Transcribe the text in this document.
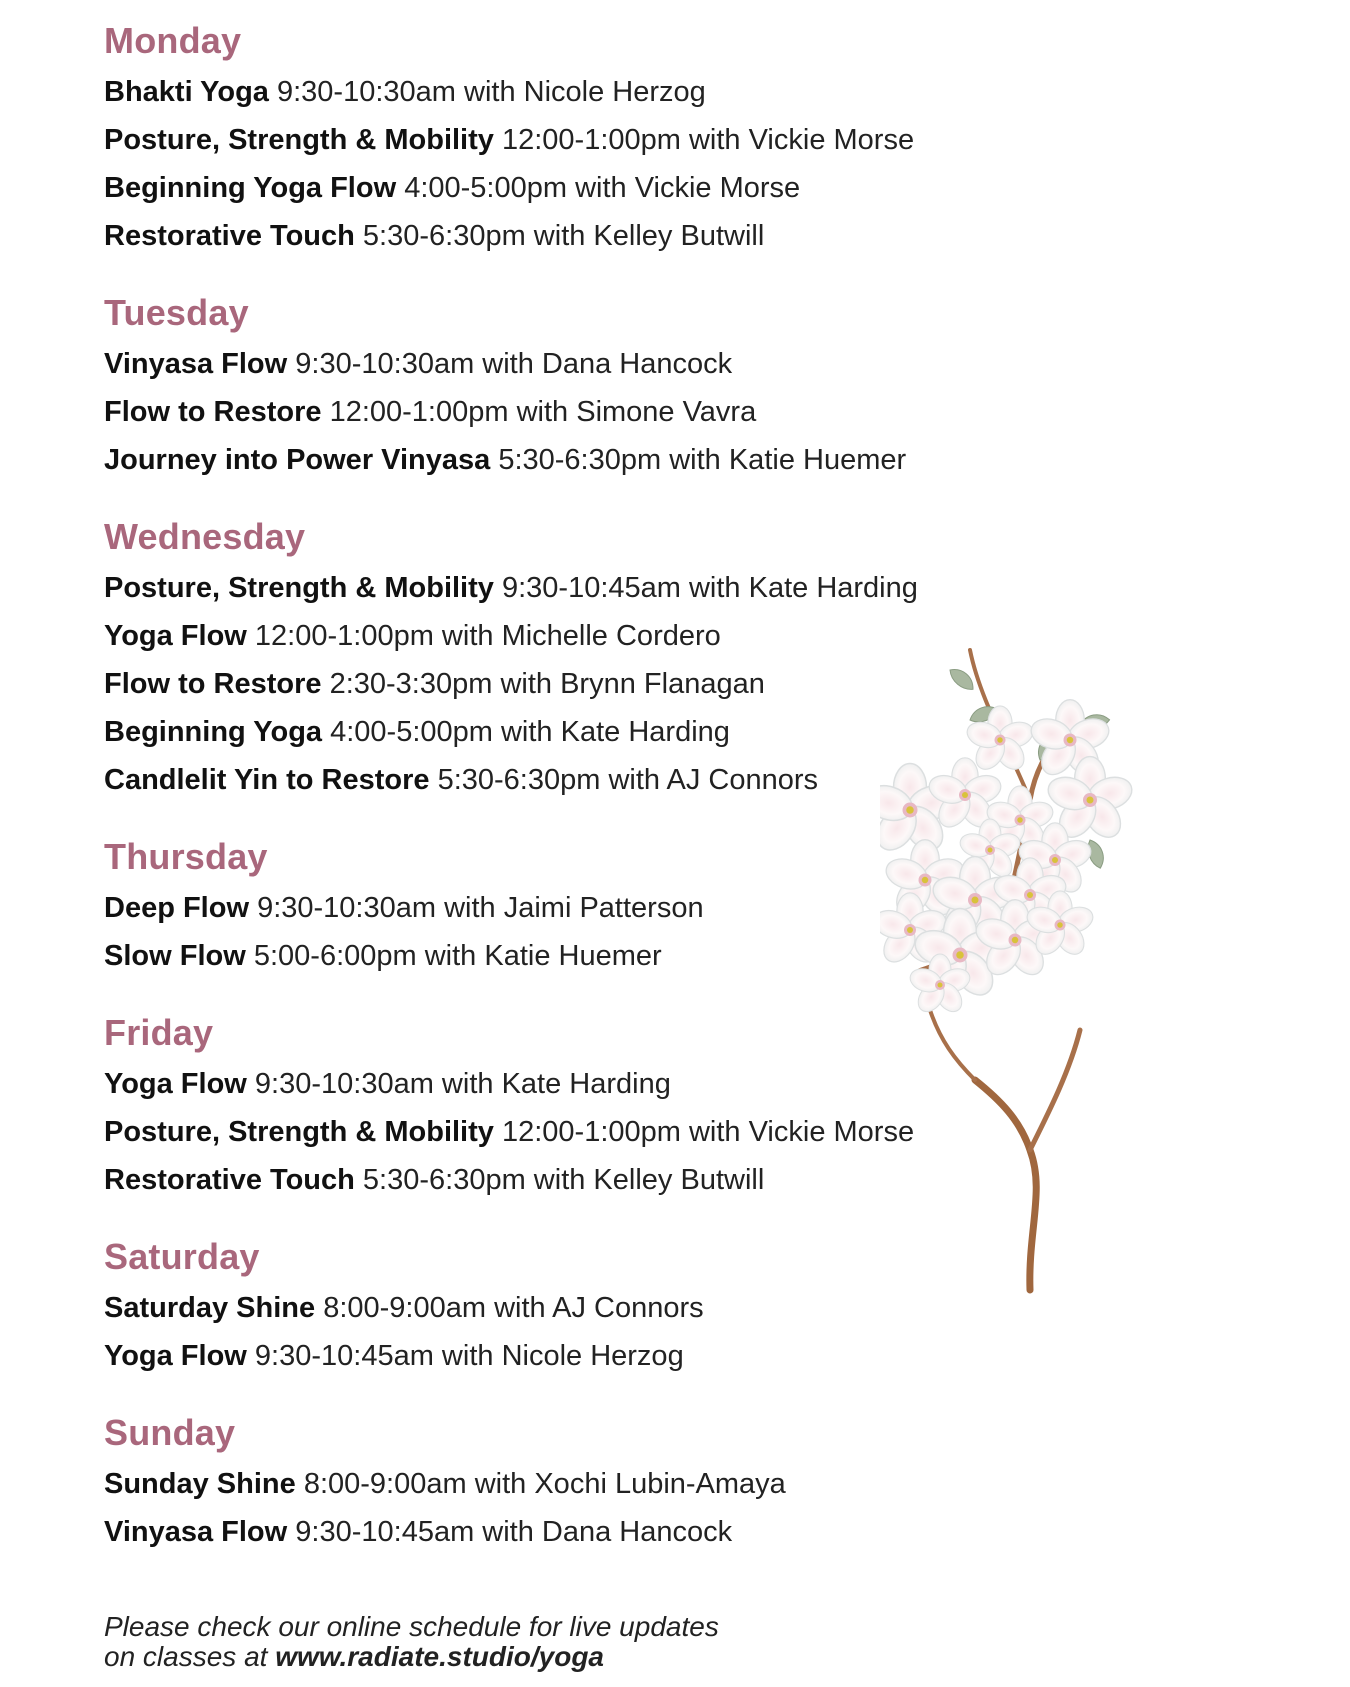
Monday
Bhakti Yoga 9:30-10:30am with Nicole Herzog
Posture, Strength & Mobility 12:00-1:00pm with Vickie Morse
Beginning Yoga Flow 4:00-5:00pm with Vickie Morse
Restorative Touch 5:30-6:30pm with Kelley Butwill
Tuesday
Vinyasa Flow 9:30-10:30am with Dana Hancock
Flow to Restore 12:00-1:00pm with Simone Vavra
Journey into Power Vinyasa 5:30-6:30pm with Katie Huemer
Wednesday
Posture, Strength & Mobility 9:30-10:45am with Kate Harding
Yoga Flow 12:00-1:00pm with Michelle Cordero
Flow to Restore 2:30-3:30pm with Brynn Flanagan
Beginning Yoga 4:00-5:00pm with Kate Harding
Candlelit Yin to Restore 5:30-6:30pm with AJ Connors
Thursday
Deep Flow 9:30-10:30am with Jaimi Patterson
Slow Flow 5:00-6:00pm with Katie Huemer
Friday
Yoga Flow 9:30-10:30am with Kate Harding
Posture, Strength & Mobility 12:00-1:00pm with Vickie Morse
Restorative Touch 5:30-6:30pm with Kelley Butwill
Saturday
Saturday Shine 8:00-9:00am with AJ Connors
Yoga Flow 9:30-10:45am with Nicole Herzog
Sunday
Sunday Shine 8:00-9:00am with Xochi Lubin-Amaya
Vinyasa Flow 9:30-10:45am with Dana Hancock
Please check our online schedule for live updates
on classes at www.radiate.studio/yoga
